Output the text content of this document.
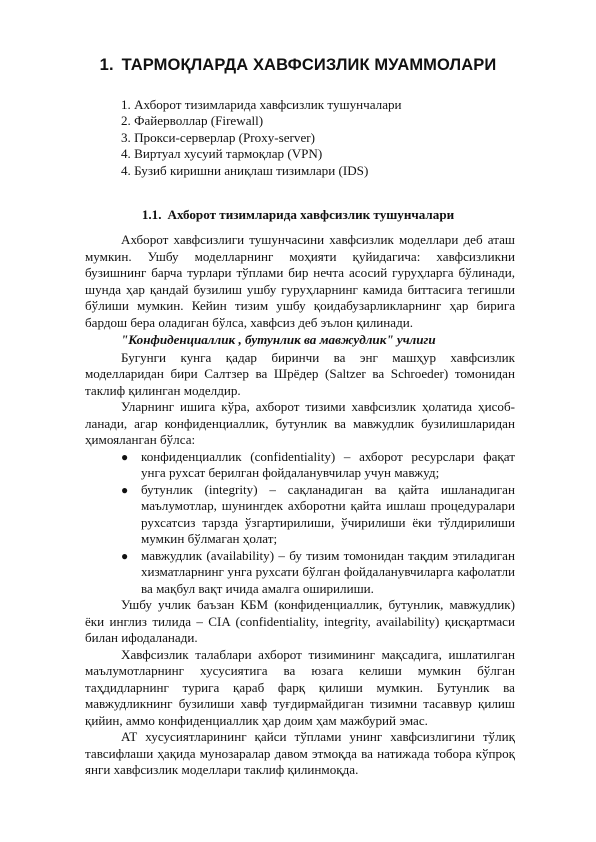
1. ТАРМОҚЛАРДА ХАВФСИЗЛИК МУАММОЛАРИ
1. Ахборот тизимларида хавфсизлик тушунчалари
2. Файерволлар (Firewall)
3. Прокси-серверлар (Proxy-server)
4. Виртуал хусуий тармоқлар (VPN)
4. Бузиб киришни аниқлаш тизимлари (IDS)
1.1. Ахборот тизимларида хавфсизлик тушунчалари

Ахборот хавфсизлиги тушунчасини хавфсизлик моделлари деб аташ мумкин. Ушбу моделларнинг моҳияти қуйидагича: хавфсизликни бузишнинг барча турлари тўплами бир нечта асосий гуруҳларга бўлинади, шунда ҳар қандай бузилиш ушбу гуруҳларнинг камида биттасига тегишли бўлиши мумкин. Кейин тизим ушбу қоидабузарликларнинг ҳар бирига бардош бера оладиган бўлса, хавфсиз деб эълон қилинади.

"Конфиденциаллик , бутунлик ва мавжудлик" учлиги

Бугунги кунга қадар биринчи ва энг машҳур хавфсизлик моделларидан бири Салтзер ва Шрёдер (Saltzer ва Schroeder) томонидан таклиф қилинган моделдир.

Уларнинг ишига кўра, ахборот тизими хавфсизлик ҳолатида ҳисоб-ланади, агар конфиденциаллик, бутунлик ва мавжудлик бузилишларидан ҳимояланган бўлса:

● конфиденциаллик (confidentiality) – ахборот ресурслари фақат унга рухсат берилган фойдаланувчилар учун мавжуд;
● бутунлик (integrity) – сақланадиган ва қайта ишланадиган маълумотлар, шунингдек ахборотни қайта ишлаш процедуралари рухсатсиз тарзда ўзгартирилиши, ўчирилиши ёки тўлдирилиши мумкин бўлмаган ҳолат;
● мавжудлик (availability) – бу тизим томонидан тақдим этиладиган хизматларнинг унга рухсати бўлган фойдаланувчиларга кафолатли ва мақбул вақт ичида амалга оширилиши.

Ушбу учлик баъзан КБМ (конфиденциаллик, бутунлик, мавжудлик) ёки инглиз тилида – CIA (confidentiality, integrity, availability) қисқартмаси билан ифодаланади.

Хавфсизлик талаблари ахборот тизимининг мақсадига, ишлатилган маълумотларнинг хусусиятига ва юзага келиши мумкин бўлган таҳдидларнинг турига қараб фарқ қилиши мумкин. Бутунлик ва мавжудликнинг бузилиши хавф туғдирмайдиган тизимни тасаввур қилиш қийин, аммо конфиденциаллик ҳар доим ҳам мажбурий эмас.

АТ хусусиятларининг қайси тўплами унинг хавфсизлигини тўлиқ тавсифлаши ҳақида мунозаралар давом этмоқда ва натижада тобора кўпроқ янги хавфсизлик моделлари таклиф қилинмоқда.
